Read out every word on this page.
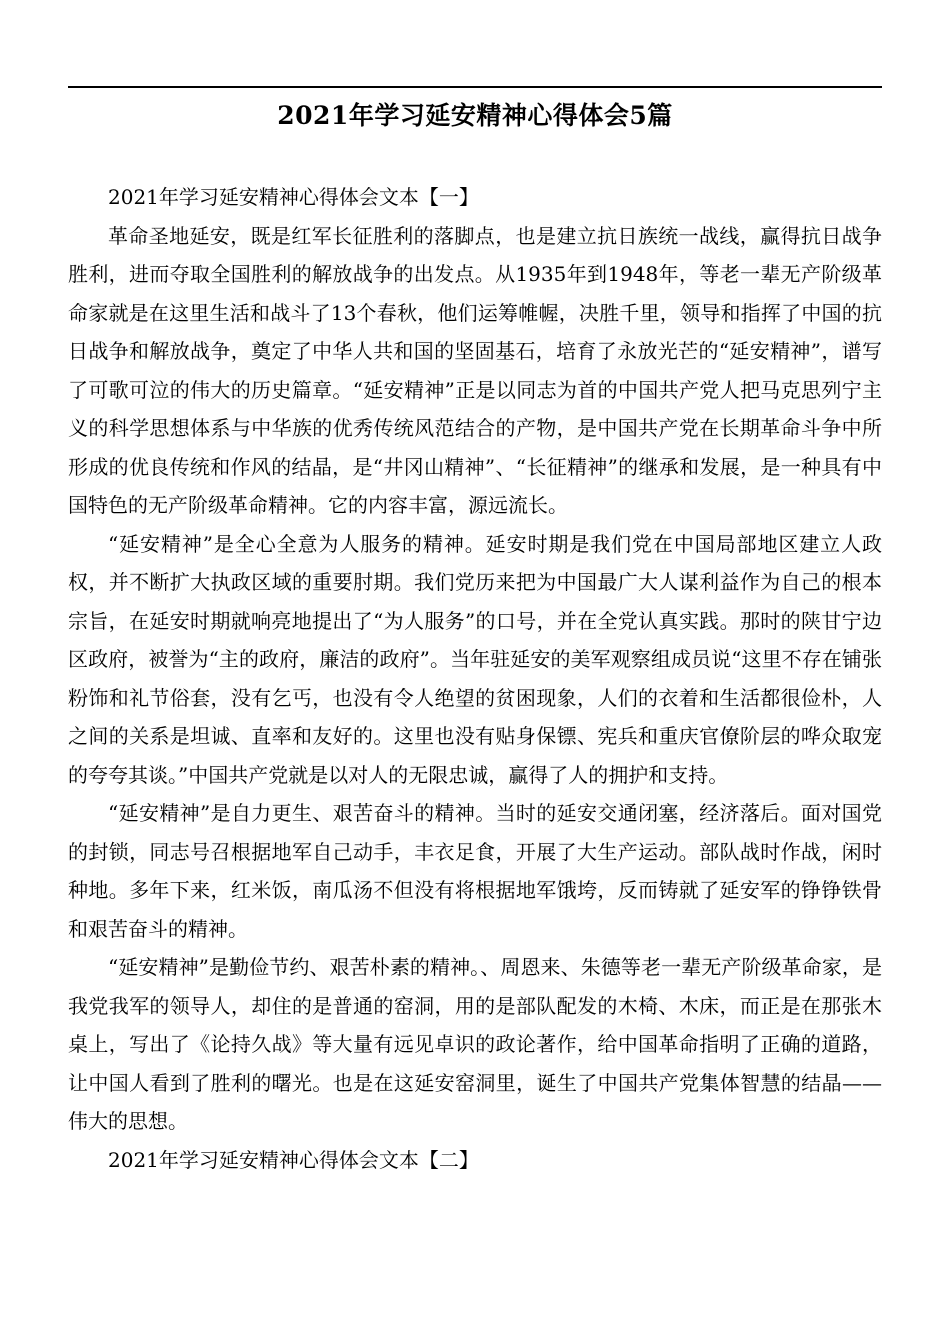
2021年学习延安精神心得体会5篇

2021年学习延安精神心得体会文本【一】

革命圣地延安，既是红军长征胜利的落脚点，也是建立抗日族统一战线，赢得抗日战争胜利，进而夺取全国胜利的解放战争的出发点。从1935年到1948年，等老一辈无产阶级革命家就是在这里生活和战斗了13个春秋，他们运筹帷幄，决胜千里，领导和指挥了中国的抗日战争和解放战争，奠定了中华人共和国的坚固基石，培育了永放光芒的“延安精神”，谱写了可歌可泣的伟大的历史篇章。“延安精神”正是以同志为首的中国共产党人把马克思列宁主义的科学思想体系与中华族的优秀传统风范结合的产物，是中国共产党在长期革命斗争中所形成的优良传统和作风的结晶，是“井冈山精神”、“长征精神”的继承和发展，是一种具有中国特色的无产阶级革命精神。它的内容丰富，源远流长。

“延安精神”是全心全意为人服务的精神。延安时期是我们党在中国局部地区建立人政权，并不断扩大执政区域的重要肘期。我们党历来把为中国最广大人谋利益作为自己的根本宗旨，在延安时期就响亮地提出了“为人服务”的口号，并在全党认真实践。那时的陕甘宁边区政府，被誉为“主的政府，廉洁的政府”。当年驻延安的美军观察组成员说“这里不存在铺张粉饰和礼节俗套，没有乞丐，也没有令人绝望的贫困现象，人们的衣着和生活都很俭朴，人之间的关系是坦诚、直率和友好的。这里也没有贴身保镖、宪兵和重庆官僚阶层的哗众取宠的夸夸其谈。”中国共产党就是以对人的无限忠诚，赢得了人的拥护和支持。

“延安精神”是自力更生、艰苦奋斗的精神。当时的延安交通闭塞，经济落后。面对国党的封锁，同志号召根据地军自己动手，丰衣足食，开展了大生产运动。部队战时作战，闲时种地。多年下来，红米饭，南瓜汤不但没有将根据地军饿垮，反而铸就了延安军的铮铮铁骨和艰苦奋斗的精神。

“延安精神”是勤俭节约、艰苦朴素的精神。、周恩来、朱德等老一辈无产阶级革命家，是我党我军的领导人，却住的是普通的窑洞，用的是部队配发的木椅、木床，而正是在那张木桌上，写出了《论持久战》等大量有远见卓识的政论著作，给中国革命指明了正确的道路，让中国人看到了胜利的曙光。也是在这延安窑洞里，诞生了中国共产党集体智慧的结晶——伟大的思想。

2021年学习延安精神心得体会文本【二】
